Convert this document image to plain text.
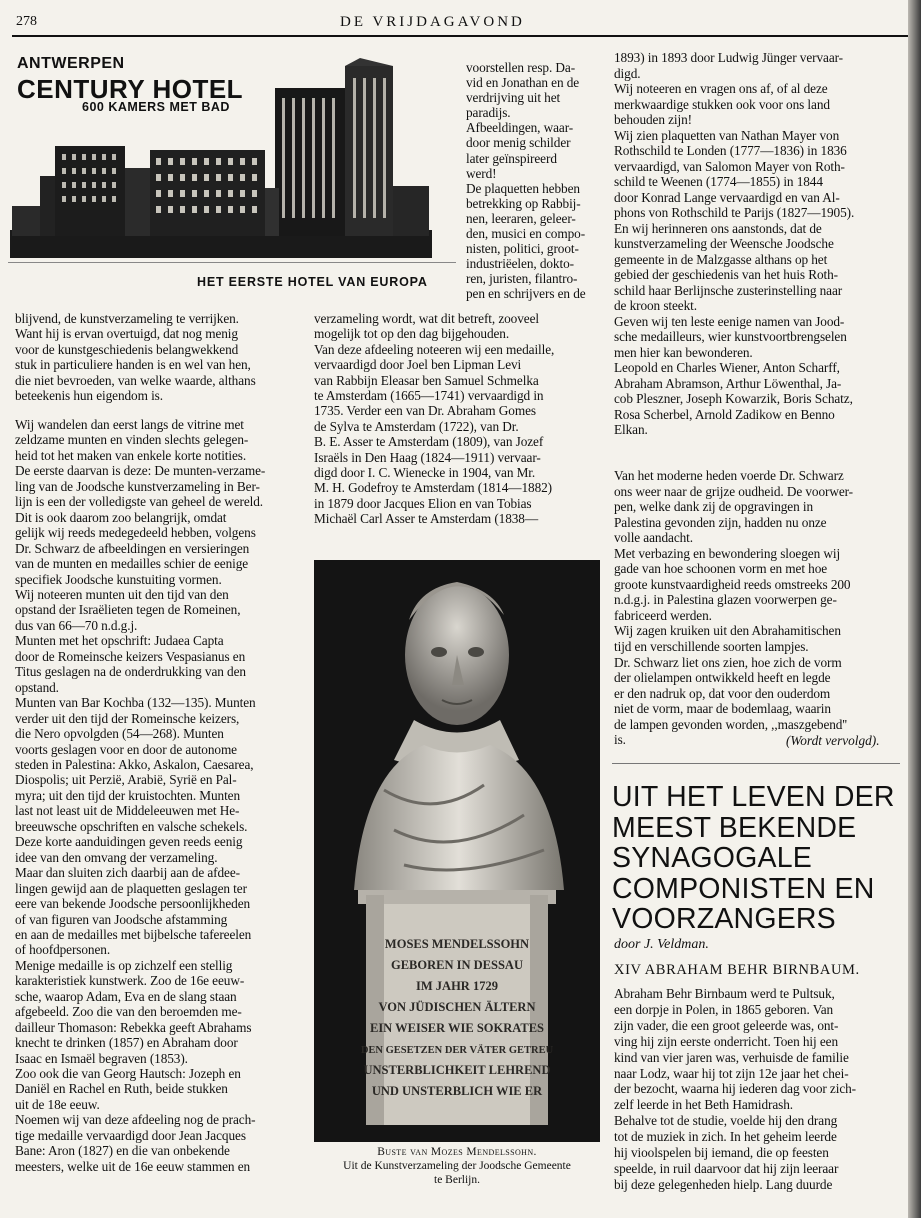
278	DE VRIJDAGAVOND
ANTWERPEN
CENTURY HOTEL
600 KAMERS MET BAD
HET EERSTE HOTEL VAN EUROPA
voorstellen resp. Da-
vid en Jonathan en de
verdrijving uit het
paradijs.
Afbeeldingen, waar-
door menig schilder
later geïnspireerd
werd!
De plaquetten hebben
betrekking op Rabbij-
nen, leeraren, geleer-
den, musici en compo-
nisten, politici, groot-
industriëelen, dokto-
ren, juristen, filantro-
pen en schrijvers en de
blijvend, de kunstverzameling te verrijken.
Want hij is ervan overtuigd, dat nog menig
voor de kunstgeschiedenis belangwekkend
stuk in particuliere handen is en wel van hen,
die niet bevroeden, van welke waarde, althans
beteekenis hun eigendom is.
Wij wandelen dan eerst langs de vitrine met
zeldzame munten en vinden slechts gelegen-
heid tot het maken van enkele korte notities.
De eerste daarvan is deze: De munten-verzame-
ling van de Joodsche kunstverzameling in Ber-
lijn is een der volledigste van geheel de wereld.
Dit is ook daarom zoo belangrijk, omdat
gelijk wij reeds medegedeeld hebben, volgens
Dr. Schwarz de afbeeldingen en versieringen
van de munten en medailles schier de eenige
specifiek Joodsche kunstuiting vormen.
Wij noteeren munten uit den tijd van den
opstand der Israëlieten tegen de Romeinen,
dus van 66—70 n.d.g.j.
Munten met het opschrift: Judaea Capta
door de Romeinsche keizers Vespasianus en
Titus geslagen na de onderdrukking van den
opstand.
Munten van Bar Kochba (132—135). Munten
verder uit den tijd der Romeinsche keizers,
die Nero opvolgden (54—268). Munten
voorts geslagen voor en door de autonome
steden in Palestina: Akko, Askalon, Caesarea,
Diospolis; uit Perzië, Arabië, Syrië en Pal-
myra; uit den tijd der kruistochten. Munten
last not least uit de Middeleeuwen met He-
breeuwsche opschriften en valsche schekels.
Deze korte aanduidingen geven reeds eenig
idee van den omvang der verzameling.
Maar dan sluiten zich daarbij aan de afdee-
lingen gewijd aan de plaquetten geslagen ter
eere van bekende Joodsche persoonlijkheden
of van figuren van Joodsche afstamming
en aan de medailles met bijbelsche tafereelen
of hoofdpersonen.
Menige medaille is op zichzelf een stellig
karakteristiek kunstwerk. Zoo de 16e eeuw-
sche, waarop Adam, Eva en de slang staan
afgebeeld. Zoo die van den beroemden me-
dailleur Thomason: Rebekka geeft Abrahams
knecht te drinken (1857) en Abraham door
Isaac en Ismaël begraven (1853).
Zoo ook die van Georg Hautsch: Jozeph en
Daniël en Rachel en Ruth, beide stukken
uit de 18e eeuw.
Noemen wij van deze afdeeling nog de prach-
tige medaille vervaardigd door Jean Jacques
Bane: Aron (1827) en die van onbekende
meesters, welke uit de 16e eeuw stammen en
verzameling wordt, wat dit betreft, zooveel
mogelijk tot op den dag bijgehouden.
Van deze afdeeling noteeren wij een medaille,
vervaardigd door Joel ben Lipman Levi
van Rabbijn Eleasar ben Samuel Schmelka
te Amsterdam (1665—1741) vervaardigd in
1735. Verder een van Dr. Abraham Gomes
de Sylva te Amsterdam (1722), van Dr.
B. E. Asser te Amsterdam (1809), van Jozef
Israëls in Den Haag (1824—1911) vervaar-
digd door I. C. Wienecke in 1904, van Mr.
M. H. Godefroy te Amsterdam (1814—1882)
in 1879 door Jacques Elion en van Tobias
Michaël Carl Asser te Amsterdam (1838—
MOSES MENDELSSOHN
GEBOREN IN DESSAU
IM JAHR 1729
VON JÜDISCHEN ÄLTERN
EIN WEISER WIE SOKRATES
DEN GESETZEN DER VÄTER GETREU
UNSTERBLICHKEIT LEHREND
UND UNSTERBLICH WIE ER
Buste van Mozes Mendelssohn.
Uit de Kunstverzameling der Joodsche Gemeente
te Berlijn.
1893) in 1893 door Ludwig Jünger vervaar-
digd.
Wij noteeren en vragen ons af, of al deze
merkwaardige stukken ook voor ons land
behouden zijn!
Wij zien plaquetten van Nathan Mayer von
Rothschild te Londen (1777—1836) in 1836
vervaardigd, van Salomon Mayer von Roth-
schild te Weenen (1774—1855) in 1844
door Konrad Lange vervaardigd en van Al-
phons von Rothschild te Parijs (1827—1905).
En wij herinneren ons aanstonds, dat de
kunstverzameling der Weensche Joodsche
gemeente in de Malzgasse althans op het
gebied der geschiedenis van het huis Roth-
schild haar Berlijnsche zusterinstelling naar
de kroon steekt.
Geven wij ten leste eenige namen van Jood-
sche medailleurs, wier kunstvoortbrengselen
men hier kan bewonderen.
Leopold en Charles Wiener, Anton Scharff,
Abraham Abramson, Arthur Löwenthal, Ja-
cob Pleszner, Joseph Kowarzik, Boris Schatz,
Rosa Scherbel, Arnold Zadikow en Benno
Elkan.
Van het moderne heden voerde Dr. Schwarz
ons weer naar de grijze oudheid. De voorwer-
pen, welke dank zij de opgravingen in
Palestina gevonden zijn, hadden nu onze
volle aandacht.
Met verbazing en bewondering sloegen wij
gade van hoe schoonen vorm en met hoe
groote kunstvaardigheid reeds omstreeks 200
n.d.g.j. in Palestina glazen voorwerpen ge-
fabriceerd werden.
Wij zagen kruiken uit den Abrahamitischen
tijd en verschillende soorten lampjes.
Dr. Schwarz liet ons zien, hoe zich de vorm
der olielampen ontwikkeld heeft en legde
er den nadruk op, dat voor den ouderdom
niet de vorm, maar de bodemlaag, waarin
de lampen gevonden worden, ,,maszgebend''
is.	(Wordt vervolgd).
UIT HET LEVEN DER
MEEST BEKENDE
SYNAGOGALE
COMPONISTEN EN
VOORZANGERS
door J. Veldman.
XIV ABRAHAM BEHR BIRNBAUM.
Abraham Behr Birnbaum werd te Pultsuk,
een dorpje in Polen, in 1865 geboren. Van
zijn vader, die een groot geleerde was, ont-
ving hij zijn eerste onderricht. Toen hij een
kind van vier jaren was, verhuisde de familie
naar Lodz, waar hij tot zijn 12e jaar het chei-
der bezocht, waarna hij iederen dag voor zich-
zelf leerde in het Beth Hamidrash.
Behalve tot de studie, voelde hij den drang
tot de muziek in zich. In het geheim leerde
hij vioolspelen bij iemand, die op feesten
speelde, in ruil daarvoor dat hij zijn leeraar
bij deze gelegenheden hielp. Lang duurde
